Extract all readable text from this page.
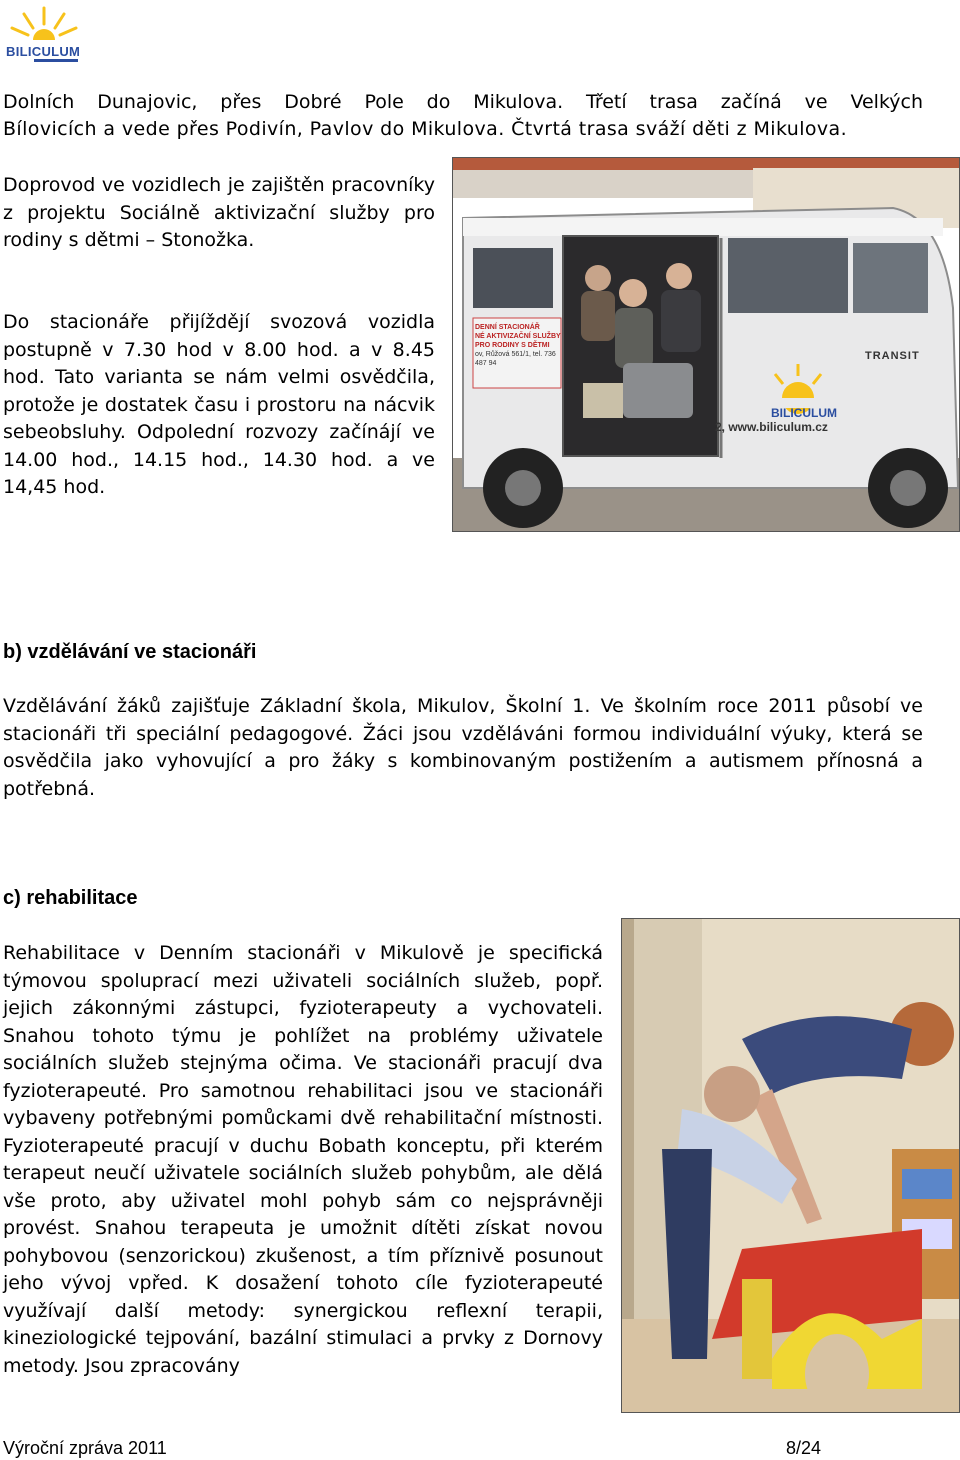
BILICULUM

Dolních Dunajovic, přes Dobré Pole do Mikulova. Třetí trasa začíná ve Velkých

Bílovicích a vede přes Podivín, Pavlov do Mikulova. Čtvrtá trasa sváží děti z Mikulova.

Doprovod ve vozidlech je zajištěn pracovníky z projektu Sociálně aktivizační služby pro rodiny s dětmi – Stonožka.

Do stacionáře přijíždějí svozová vozidla postupně v 7.30 hod v 8.00 hod. a v 8.45 hod. Tato varianta se nám velmi osvědčila, protože je dostatek času i prostoru na nácvik sebeobsluhy. Odpolední rozvozy začínájí ve 14.00 hod., 14.15 hod., 14.30 hod. a ve 14,45 hod.

DENNÍ STACIONÁŘ
NÉ AKTIVIZAČNÍ SLUŽBY
PRO RODINY S DĚTMI
ov, Růžová 561/1, tel. 736 487 94
TRANSIT
BILICULUM
2, www.biliculum.cz
b) vzdělávání ve stacionáři

Vzdělávání žáků zajišťuje Základní škola, Mikulov, Školní 1. Ve školním roce 2011 působí ve stacionáři tři speciální pedagogové. Žáci jsou vzděláváni formou individuální výuky, která se osvědčila jako vyhovující a pro žáky s kombinovaným postižením a autismem přínosná a potřebná.

c) rehabilitace

Rehabilitace v Denním stacionáři v Mikulově je specifická týmovou spoluprací mezi uživateli sociálních služeb, popř. jejich zákonnými zástupci, fyzioterapeuty a vychovateli. Snahou tohoto týmu je pohlížet na problémy uživatele sociálních služeb stejnýma očima. Ve stacionáři pracují dva fyzioterapeuté. Pro samotnou rehabilitaci jsou ve stacionáři vybaveny potřebnými pomůckami dvě rehabilitační místnosti. Fyzioterapeuté pracují v duchu Bobath konceptu, při kterém terapeut neučí uživatele sociálních služeb pohybům, ale dělá vše proto, aby uživatel mohl pohyb sám co nejsprávněji provést. Snahou terapeuta je umožnit dítěti získat novou pohybovou (senzorickou) zkušenost, a tím příznivě posunout jeho vývoj vpřed. K dosažení tohoto cíle fyzioterapeuté využívají další metody: synergickou reflexní terapii, kineziologické tejpování, bazální stimulaci a prvky z Dornovy metody. Jsou zpracovány

Výroční zpráva 2011	8/24
